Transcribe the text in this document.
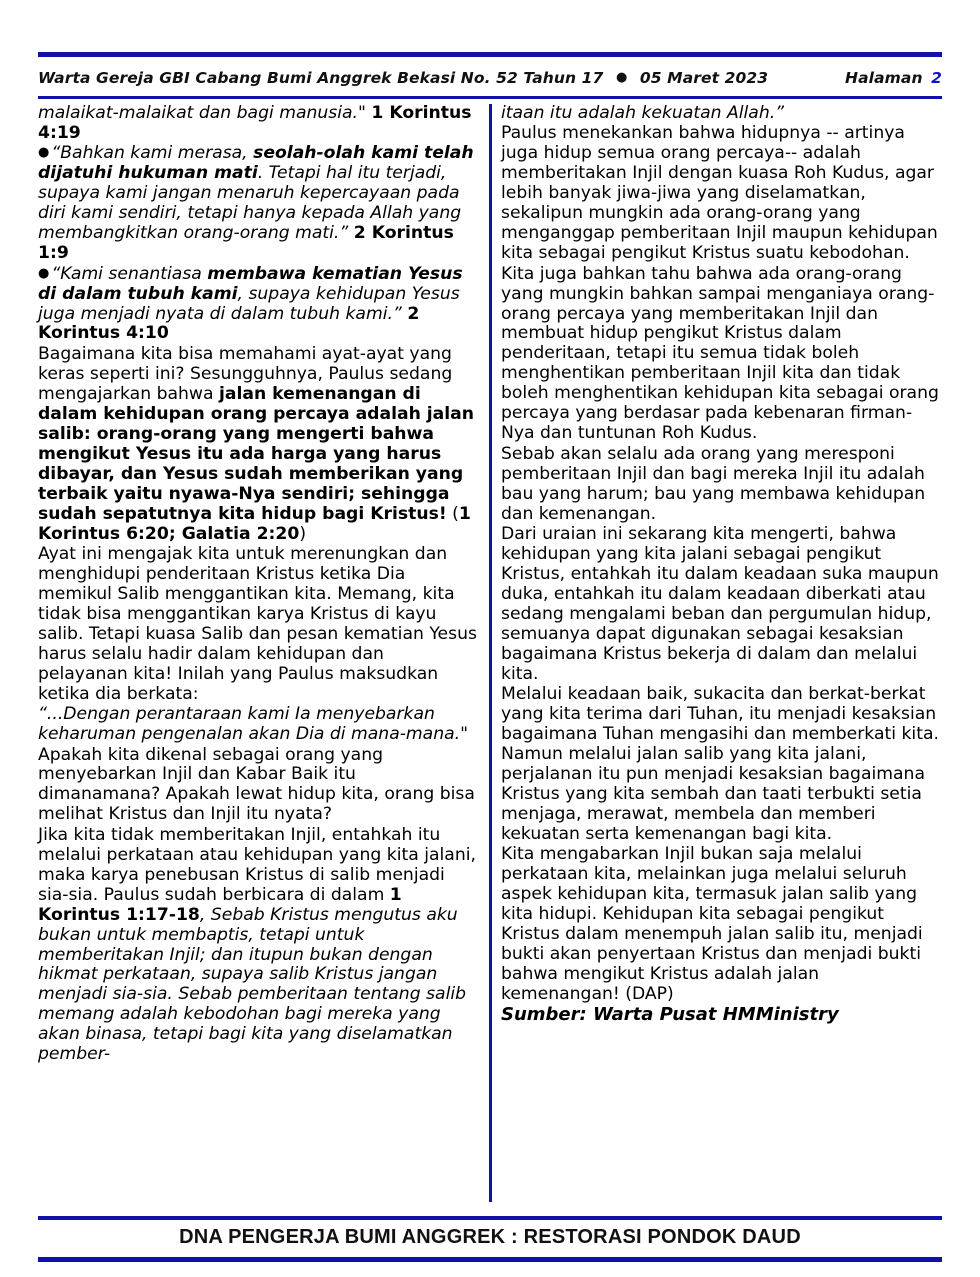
Warta Gereja GBI Cabang Bumi Anggrek Bekasi No. 52 Tahun 17 ● 05 Maret 2023	Halaman 2

malaikat-malaikat dan bagi manusia." 1 Korintus 4:19

● “Bahkan kami merasa, seolah-olah kami telah dijatuhi hukuman mati. Tetapi hal itu terjadi, supaya kami jangan menaruh kepercayaan pada diri kami sendiri, tetapi hanya kepada Allah yang membangkitkan orang-orang mati.” 2 Korintus 1:9

● “Kami senantiasa membawa kematian Yesus di dalam tubuh kami, supaya kehidupan Yesus juga menjadi nyata di dalam tubuh kami.” 2 Korintus 4:10

Bagaimana kita bisa memahami ayat-ayat yang keras seperti ini? Sesungguhnya, Paulus sedang mengajarkan bahwa jalan kemenangan di dalam kehidupan orang percaya adalah jalan salib: orang-orang yang mengerti bahwa mengikut Yesus itu ada harga yang harus dibayar, dan Yesus sudah memberikan yang terbaik yaitu nyawa-Nya sendiri; sehingga sudah sepatutnya kita hidup bagi Kristus! (1 Korintus 6:20; Galatia 2:20)

Ayat ini mengajak kita untuk merenungkan dan menghidupi penderitaan Kristus ketika Dia memikul Salib menggantikan kita. Memang, kita tidak bisa menggantikan karya Kristus di kayu salib. Tetapi kuasa Salib dan pesan kematian Yesus harus selalu hadir dalam kehidupan dan pelayanan kita! Inilah yang Paulus maksudkan ketika dia berkata:

“...Dengan perantaraan kami Ia menyebarkan keharuman pengenalan akan Dia di mana-mana."

Apakah kita dikenal sebagai orang yang menyebarkan Injil dan Kabar Baik itu dimanamana? Apakah lewat hidup kita, orang bisa melihat Kristus dan Injil itu nyata?

Jika kita tidak memberitakan Injil, entahkah itu melalui perkataan atau kehidupan yang kita jalani, maka karya penebusan Kristus di salib menjadi sia-sia. Paulus sudah berbicara di dalam 1 Korintus 1:17-18, Sebab Kristus mengutus aku bukan untuk membaptis, tetapi untuk memberitakan Injil; dan itupun bukan dengan hikmat perkataan, supaya salib Kristus jangan menjadi sia-sia. Sebab pemberitaan tentang salib memang adalah kebodohan bagi mereka yang akan binasa, tetapi bagi kita yang diselamatkan pember-

itaan itu adalah kekuatan Allah.”

Paulus menekankan bahwa hidupnya -- artinya juga hidup semua orang percaya-- adalah memberitakan Injil dengan kuasa Roh Kudus, agar lebih banyak jiwa-jiwa yang diselamatkan, sekalipun mungkin ada orang-orang yang menganggap pemberitaan Injil maupun kehidupan kita sebagai pengikut Kristus suatu kebodohan.

Kita juga bahkan tahu bahwa ada orang-orang yang mungkin bahkan sampai menganiaya orang-orang percaya yang memberitakan Injil dan membuat hidup pengikut Kristus dalam penderitaan, tetapi itu semua tidak boleh menghentikan pemberitaan Injil kita dan tidak boleh menghentikan kehidupan kita sebagai orang percaya yang berdasar pada kebenaran firman-Nya dan tuntunan Roh Kudus.

Sebab akan selalu ada orang yang meresponi pemberitaan Injil dan bagi mereka Injil itu adalah bau yang harum; bau yang membawa kehidupan dan kemenangan.

Dari uraian ini sekarang kita mengerti, bahwa kehidupan yang kita jalani sebagai pengikut Kristus, entahkah itu dalam keadaan suka maupun duka, entahkah itu dalam keadaan diberkati atau sedang mengalami beban dan pergumulan hidup, semuanya dapat digunakan sebagai kesaksian bagaimana Kristus bekerja di dalam dan melalui kita.

Melalui keadaan baik, sukacita dan berkat-berkat yang kita terima dari Tuhan, itu menjadi kesaksian bagaimana Tuhan mengasihi dan memberkati kita. Namun melalui jalan salib yang kita jalani, perjalanan itu pun menjadi kesaksian bagaimana Kristus yang kita sembah dan taati terbukti setia menjaga, merawat, membela dan memberi kekuatan serta kemenangan bagi kita.

Kita mengabarkan Injil bukan saja melalui perkataan kita, melainkan juga melalui seluruh aspek kehidupan kita, termasuk jalan salib yang kita hidupi. Kehidupan kita sebagai pengikut Kristus dalam menempuh jalan salib itu, menjadi bukti akan penyertaan Kristus dan menjadi bukti bahwa mengikut Kristus adalah jalan kemenangan! (DAP)

Sumber: Warta Pusat HMMinistry

DNA PENGERJA BUMI ANGGREK : RESTORASI PONDOK DAUD
